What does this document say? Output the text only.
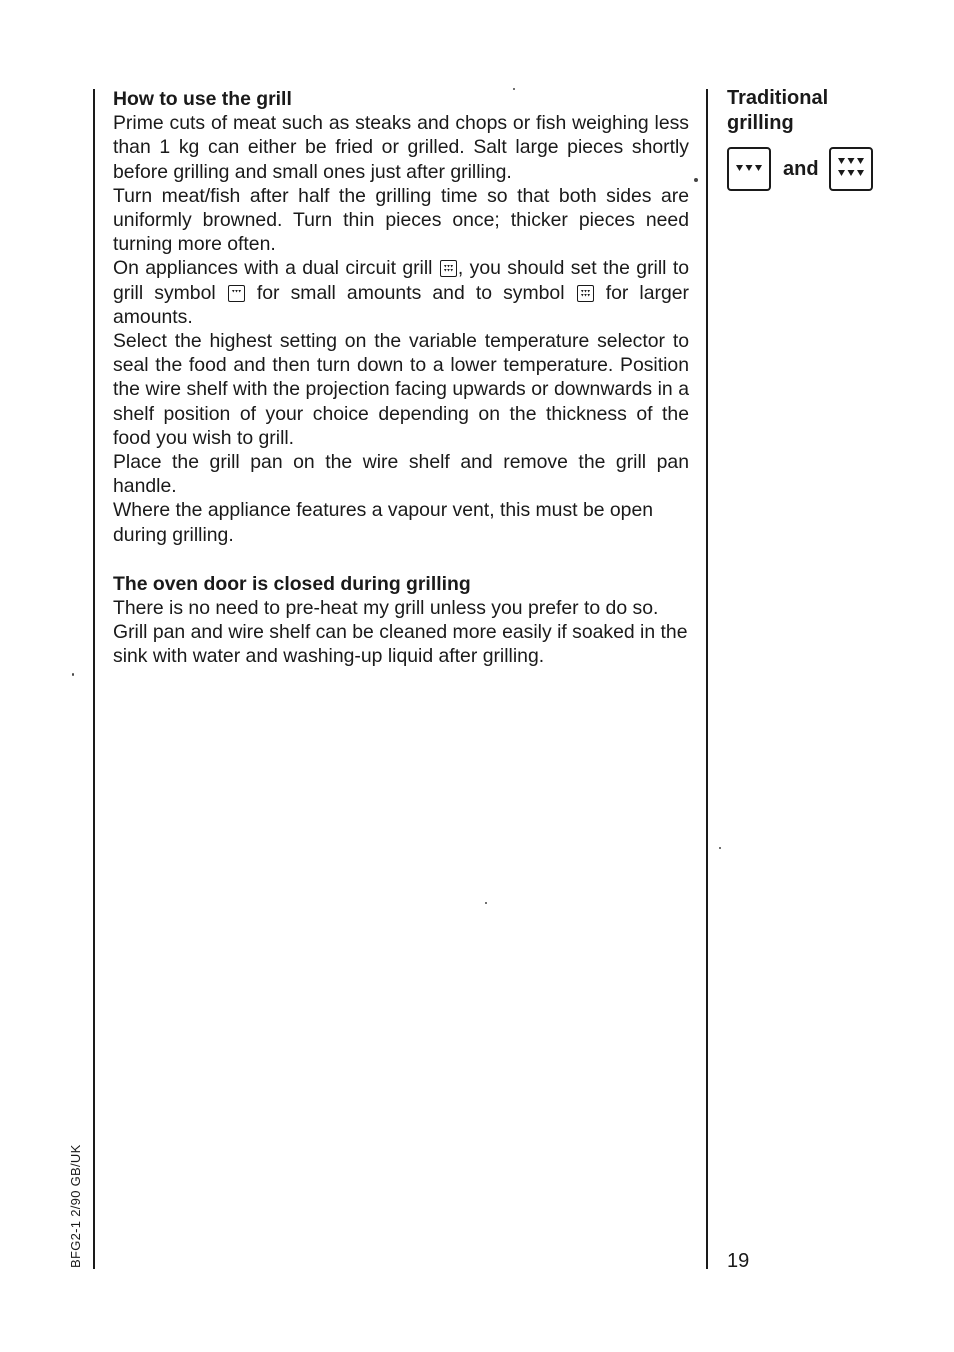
How to use the grill

Prime cuts of meat such as steaks and chops or fish weighing less than 1 kg can either be fried or grilled. Salt large pieces shortly before grilling and small ones just after grilling.

Turn meat/fish after half the grilling time so that both sides are uniformly browned. Turn thin pieces once; thicker pieces need turning more often.

On appliances with a dual circuit grill , you should set the grill to grill symbol for small amounts and to symbol for larger amounts.

Select the highest setting on the variable temperature selector to seal the food and then turn down to a lower temperature. Position the wire shelf with the projection facing upwards or downwards in a shelf position of your choice depending on the thickness of the food you wish to grill.

Place the grill pan on the wire shelf and remove the grill pan handle.

Where the appliance features a vapour vent, this must be open during grilling.

The oven door is closed during grilling

There is no need to pre-heat my grill unless you prefer to do so.

Grill pan and wire shelf can be cleaned more easily if soaked in the sink with water and washing-up liquid after grilling.

Traditional
grilling
and
19
BFG2-1 2/90 GB/UK
